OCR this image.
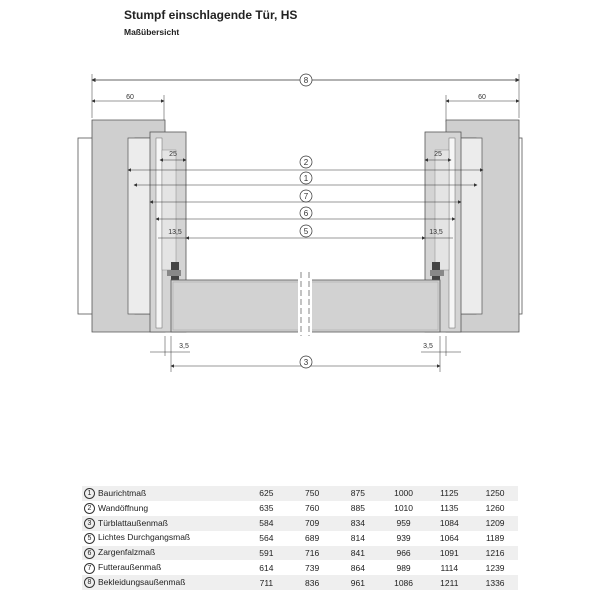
Stumpf einschlagende Tür, HS
Maßübersicht
8
60	60
25	25
2
1
7
6
5
13,5	13,5
3,5	3,5
3
1 Baurichtmaß	625	750	875	1000	1125	1250
2 Wandöffnung	635	760	885	1010	1135	1260
3 Türblattaußenmaß	584	709	834	959	1084	1209
5 Lichtes Durchgangsmaß	564	689	814	939	1064	1189
6 Zargenfalzmaß	591	716	841	966	1091	1216
7 Futteraußenmaß	614	739	864	989	1114	1239
8 Bekleidungsaußenmaß	711	836	961	1086	1211	1336
